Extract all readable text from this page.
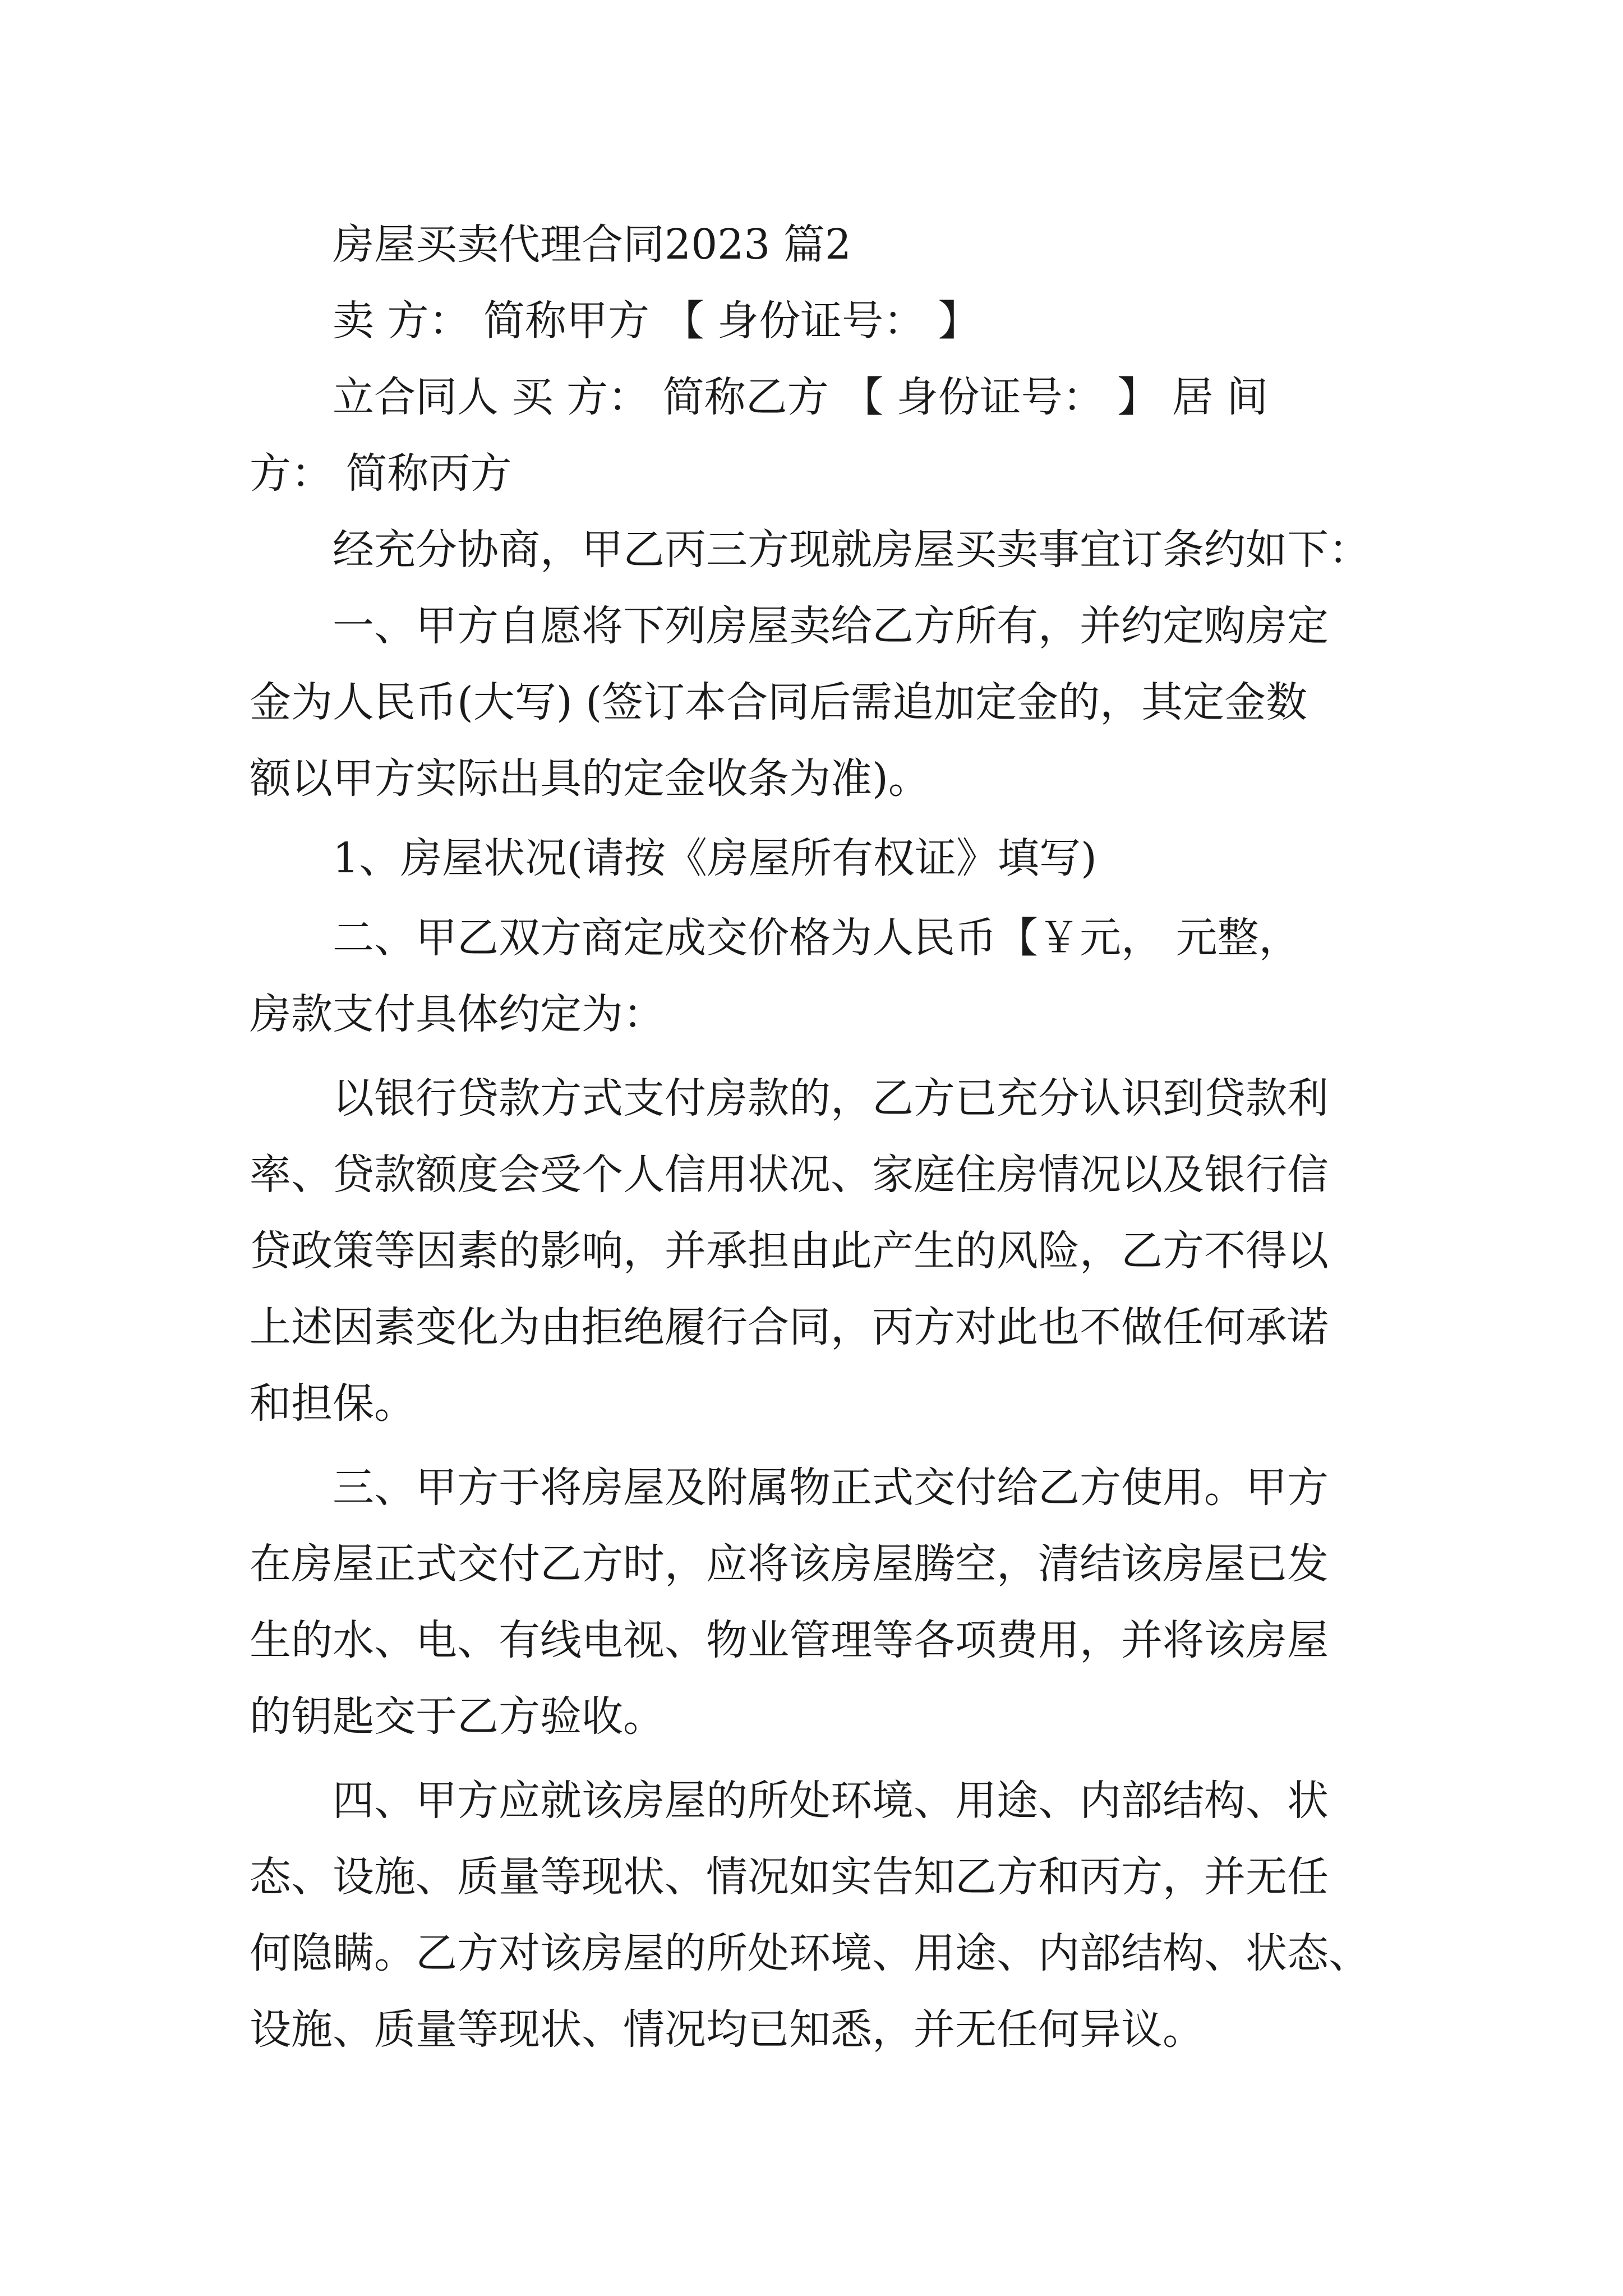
房屋买卖代理合同2023 篇2
卖 方： 简称甲方 【 身份证号： 】
立合同人 买 方： 简称乙方 【 身份证号： 】 居 间
方： 简称丙方
经充分协商，甲乙丙三方现就房屋买卖事宜订条约如下：
一、甲方自愿将下列房屋卖给乙方所有，并约定购房定
金为人民币(大写) (签订本合同后需追加定金的，其定金数
额以甲方实际出具的定金收条为准)。
1、房屋状况(请按《房屋所有权证》填写)
二、甲乙双方商定成交价格为人民币【￥元， 元整，
房款支付具体约定为：
以银行贷款方式支付房款的，乙方已充分认识到贷款利
率、贷款额度会受个人信用状况、家庭住房情况以及银行信
贷政策等因素的影响，并承担由此产生的风险，乙方不得以
上述因素变化为由拒绝履行合同，丙方对此也不做任何承诺
和担保。
三、甲方于将房屋及附属物正式交付给乙方使用。甲方
在房屋正式交付乙方时，应将该房屋腾空，清结该房屋已发
生的水、电、有线电视、物业管理等各项费用，并将该房屋
的钥匙交于乙方验收。
四、甲方应就该房屋的所处环境、用途、内部结构、状
态、设施、质量等现状、情况如实告知乙方和丙方，并无任
何隐瞒。乙方对该房屋的所处环境、用途、内部结构、状态、
设施、质量等现状、情况均已知悉，并无任何异议。
